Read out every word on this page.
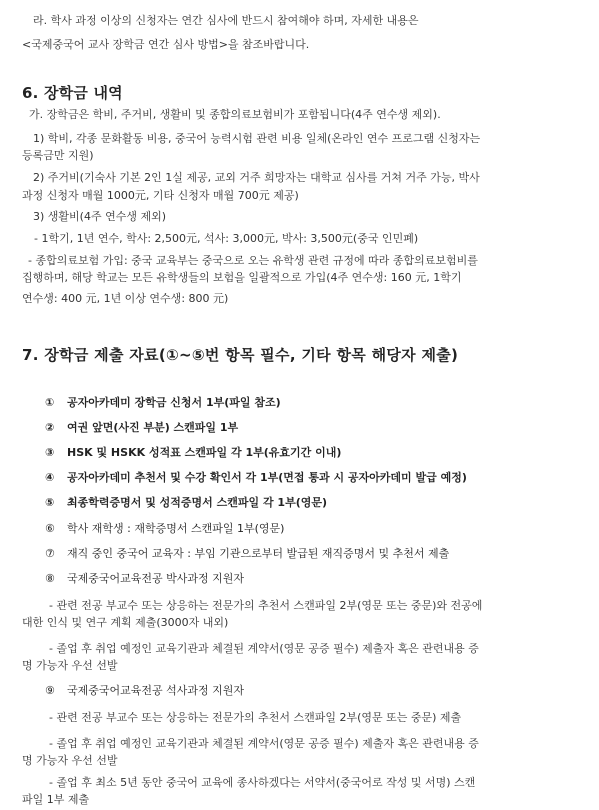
라. 학사 과정 이상의 신청자는 연간 심사에 반드시 참여해야 하며, 자세한 내용은
<국제중국어 교사 장학금 연간 심사 방법>을 참조바랍니다.
6. 장학금 내역
가. 장학금은 학비, 주거비, 생활비 및 종합의료보험비가 포함됩니다(4주 연수생 제외).
1) 학비, 각종 문화활동 비용, 중국어 능력시험 관련 비용 일체(온라인 연수 프로그램 신청자는
등록금만 지원)
2) 주거비(기숙사 기본 2인 1실 제공, 교외 거주 희망자는 대학교 심사를 거쳐 거주 가능, 박사
과정 신청자 매월 1000元, 기타 신청자 매월 700元 제공)
3) 생활비(4주 연수생 제외)
- 1학기, 1년 연수, 학사: 2,500元, 석사: 3,000元, 박사: 3,500元(중국 인민폐)
- 종합의료보험 가입: 중국 교육부는 중국으로 오는 유학생 관련 규정에 따라 종합의료보험비를
집행하며, 해당 학교는 모든 유학생들의 보험을 일괄적으로 가입(4주 연수생: 160 元, 1학기
연수생: 400 元, 1년 이상 연수생: 800 元)
7. 장학금 제출 자료(①~⑤번 항목 필수, 기타 항목 해당자 제출)
① 공자아카데미 장학금 신청서 1부(파일 참조)
② 여권 앞면(사진 부분) 스캔파일 1부
③ HSK 및 HSKK 성적표 스캔파일 각 1부(유효기간 이내)
④ 공자아카데미 추천서 및 수강 확인서 각 1부(면접 통과 시 공자아카데미 발급 예정)
⑤ 최종학력증명서 및 성적증명서 스캔파일 각 1부(영문)
⑥ 학사 재학생 : 재학증명서 스캔파일 1부(영문)
⑦ 재직 중인 중국어 교육자 : 부임 기관으로부터 발급된 재직증명서 및 추천서 제출
⑧ 국제중국어교육전공 박사과정 지원자
- 관련 전공 부교수 또는 상응하는 전문가의 추천서 스캔파일 2부(영문 또는 중문)와 전공에
대한 인식 및 연구 계획 제출(3000자 내외)
- 졸업 후 취업 예정인 교육기관과 체결된 계약서(영문 공증 필수) 제출자 혹은 관련내용 증
명 가능자 우선 선발
⑨ 국제중국어교육전공 석사과정 지원자
- 관련 전공 부교수 또는 상응하는 전문가의 추천서 스캔파일 2부(영문 또는 중문) 제출
- 졸업 후 취업 예정인 교육기관과 체결된 계약서(영문 공증 필수) 제출자 혹은 관련내용 증
명 가능자 우선 선발
- 졸업 후 최소 5년 동안 중국어 교육에 종사하겠다는 서약서(중국어로 작성 및 서명) 스캔
파일 1부 제출
